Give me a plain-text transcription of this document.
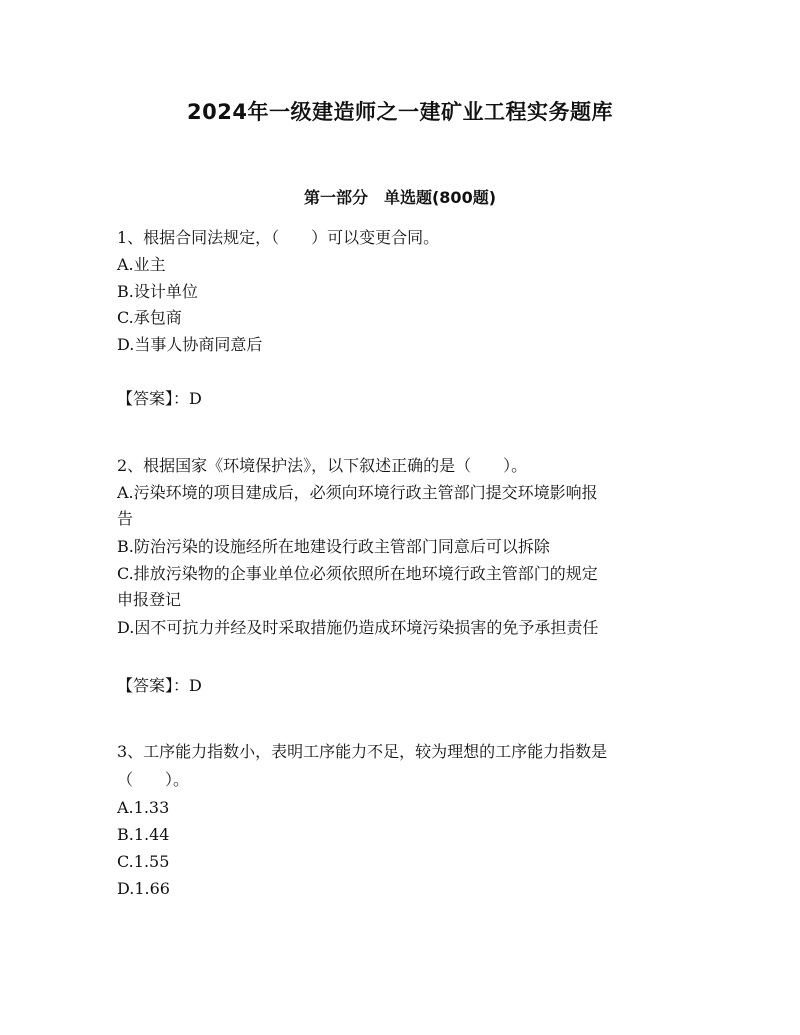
2024年一级建造师之一建矿业工程实务题库
第一部分　单选题(800题)
1、根据合同法规定，（　　）可以变更合同。
A.业主
B.设计单位
C.承包商
D.当事人协商同意后
【答案】：D
2、根据国家《环境保护法》，以下叙述正确的是（　　）。
A.污染环境的项目建成后，必须向环境行政主管部门提交环境影响报
告
B.防治污染的设施经所在地建设行政主管部门同意后可以拆除
C.排放污染物的企事业单位必须依照所在地环境行政主管部门的规定
申报登记
D.因不可抗力并经及时采取措施仍造成环境污染损害的免予承担责任
【答案】：D
3、工序能力指数小，表明工序能力不足，较为理想的工序能力指数是
（　　）。
A.1.33
B.1.44
C.1.55
D.1.66
